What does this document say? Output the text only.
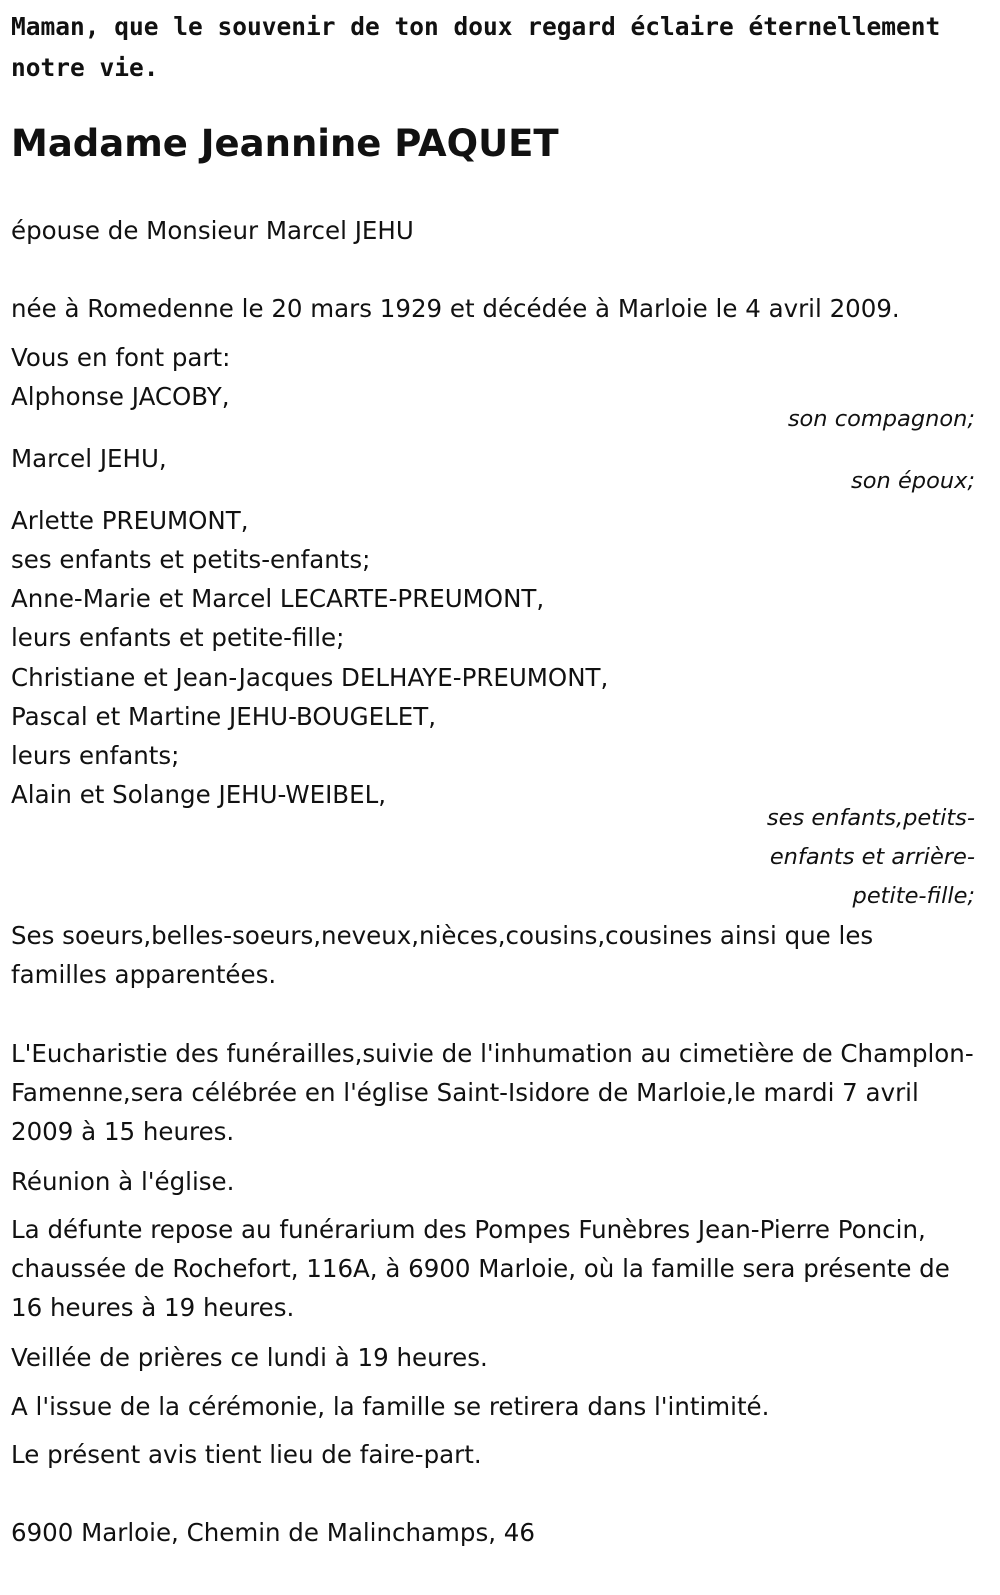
Maman, que le souvenir de ton doux regard éclaire éternellement notre vie.
Madame Jeannine PAQUET
épouse de Monsieur Marcel JEHU
née à Romedenne le 20 mars 1929 et décédée à Marloie le 4 avril 2009.
Vous en font part:
Alphonse JACOBY,
son compagnon;
Marcel JEHU,
son époux;
Arlette PREUMONT,
ses enfants et petits-enfants;
Anne-Marie et Marcel LECARTE-PREUMONT,
leurs enfants et petite-fille;
Christiane et Jean-Jacques DELHAYE-PREUMONT,
Pascal et Martine JEHU-BOUGELET,
leurs enfants;
Alain et Solange JEHU-WEIBEL,
ses enfants,petits-
enfants et arrière-
petite-fille;
Ses soeurs,belles-soeurs,neveux,nièces,cousins,cousines ainsi que les familles apparentées.
L'Eucharistie des funérailles,suivie de l'inhumation au cimetière de Champlon-Famenne,sera célébrée en l'église Saint-Isidore de Marloie,le mardi 7 avril 2009 à 15 heures.
Réunion à l'église.
La défunte repose au funérarium des Pompes Funèbres Jean-Pierre Poncin, chaussée de Rochefort, 116A, à 6900 Marloie, où la famille sera présente de 16 heures à 19 heures.
Veillée de prières ce lundi à 19 heures.
A l'issue de la cérémonie, la famille se retirera dans l'intimité.
Le présent avis tient lieu de faire-part.
6900 Marloie, Chemin de Malinchamps, 46
